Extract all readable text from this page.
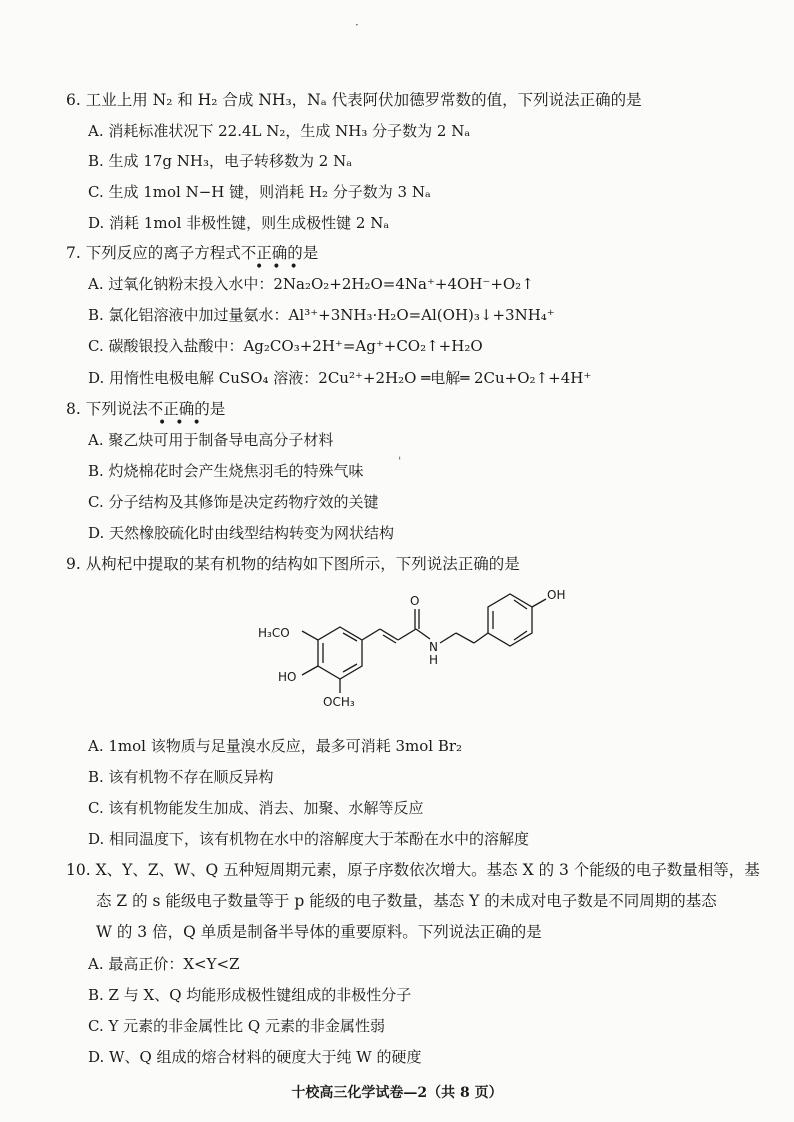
·
6. 工业上用 N₂ 和 H₂ 合成 NH₃，Nₐ 代表阿伏加德罗常数的值，下列说法正确的是
A. 消耗标准状况下 22.4L N₂，生成 NH₃ 分子数为 2 Nₐ
B. 生成 17g NH₃，电子转移数为 2 Nₐ
C. 生成 1mol N−H 键，则消耗 H₂ 分子数为 3 Nₐ
D. 消耗 1mol 非极性键，则生成极性键 2 Nₐ
7. 下列反应的离子方程式不正确的是
•••
A. 过氧化钠粉末投入水中：2Na₂O₂+2H₂O=4Na⁺+4OH⁻+O₂↑
B. 氯化铝溶液中加过量氨水：Al³⁺+3NH₃·H₂O=Al(OH)₃↓+3NH₄⁺
C. 碳酸银投入盐酸中：Ag₂CO₃+2H⁺=Ag⁺+CO₂↑+H₂O
D. 用惰性电极电解 CuSO₄ 溶液：2Cu²⁺+2H₂O ═电解═ 2Cu+O₂↑+4H⁺
8. 下列说法不正确的是
•••
A. 聚乙炔可用于制备导电高分子材料
B. 灼烧棉花时会产生烧焦羽毛的特殊气味	ˈ
C. 分子结构及其修饰是决定药物疗效的关键
D. 天然橡胶硫化时由线型结构转变为网状结构
9. 从枸杞中提取的某有机物的结构如下图所示，下列说法正确的是
H₃CO
HO
OCH₃
O
N
H
OH
A. 1mol 该物质与足量溴水反应，最多可消耗 3mol Br₂
B. 该有机物不存在顺反异构
C. 该有机物能发生加成、消去、加聚、水解等反应
D. 相同温度下，该有机物在水中的溶解度大于苯酚在水中的溶解度
10. X、Y、Z、W、Q 五种短周期元素，原子序数依次增大。基态 X 的 3 个能级的电子数量相等，基
态 Z 的 s 能级电子数量等于 p 能级的电子数量，基态 Y 的未成对电子数是不同周期的基态
W 的 3 倍，Q 单质是制备半导体的重要原料。下列说法正确的是
A. 最高正价：X<Y<Z
B. Z 与 X、Q 均能形成极性键组成的非极性分子
C. Y 元素的非金属性比 Q 元素的非金属性弱
D. W、Q 组成的熔合材料的硬度大于纯 W 的硬度
十校高三化学试卷—2（共 8 页）
